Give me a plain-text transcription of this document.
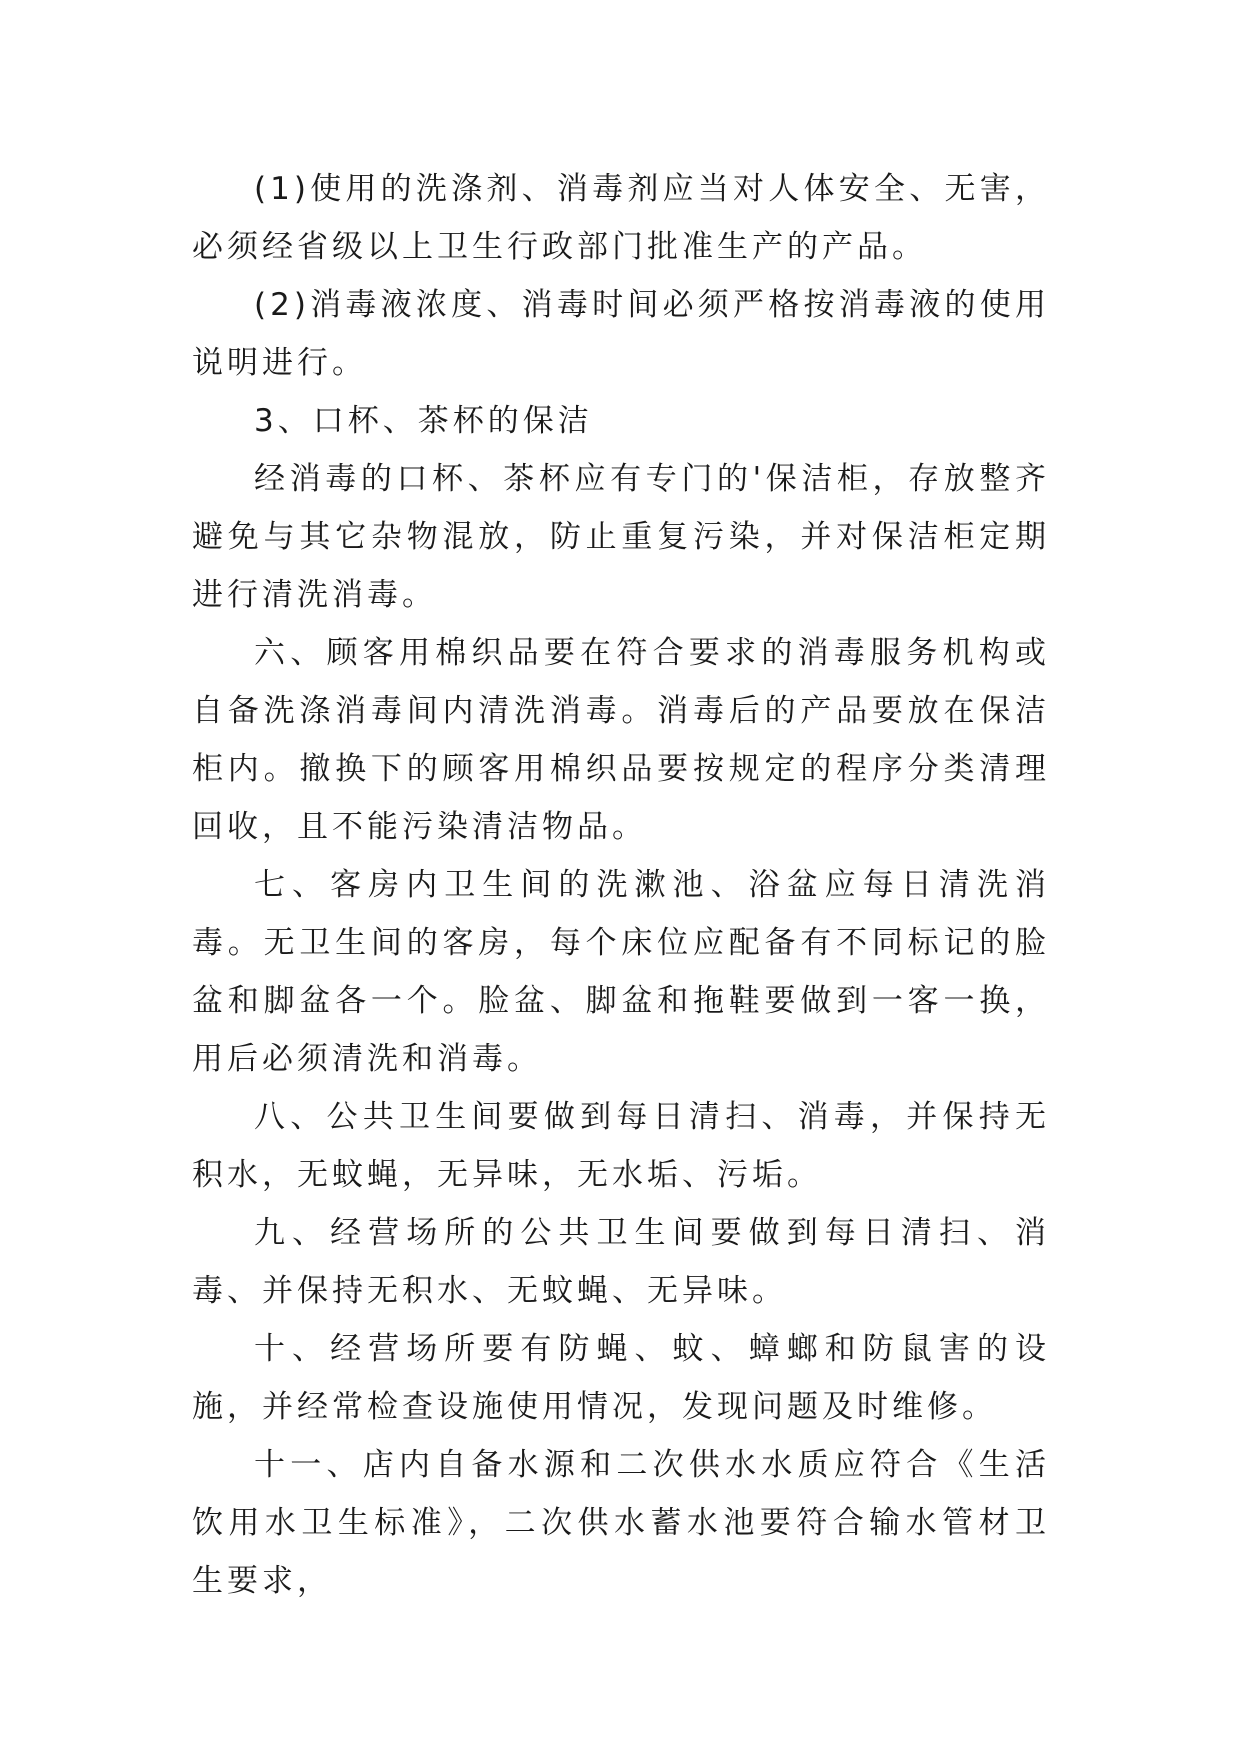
(1)使用的洗涤剂、消毒剂应当对人体安全、无害，必须经省级以上卫生行政部门批准生产的产品。

(2)消毒液浓度、消毒时间必须严格按消毒液的使用说明进行。

3、口杯、茶杯的保洁

经消毒的口杯、茶杯应有专门的'保洁柜，存放整齐避免与其它杂物混放，防止重复污染，并对保洁柜定期进行清洗消毒。

六、顾客用棉织品要在符合要求的消毒服务机构或自备洗涤消毒间内清洗消毒。消毒后的产品要放在保洁柜内。撤换下的顾客用棉织品要按规定的程序分类清理回收，且不能污染清洁物品。

七、客房内卫生间的洗漱池、浴盆应每日清洗消毒。无卫生间的客房，每个床位应配备有不同标记的脸盆和脚盆各一个。脸盆、脚盆和拖鞋要做到一客一换，用后必须清洗和消毒。

八、公共卫生间要做到每日清扫、消毒，并保持无积水，无蚊蝇，无异味，无水垢、污垢。

九、经营场所的公共卫生间要做到每日清扫、消毒、并保持无积水、无蚊蝇、无异味。

十、经营场所要有防蝇、蚊、蟑螂和防鼠害的设施，并经常检查设施使用情况，发现问题及时维修。

十一、店内自备水源和二次供水水质应符合《生活饮用水卫生标准》，二次供水蓄水池要符合输水管材卫生要求，
